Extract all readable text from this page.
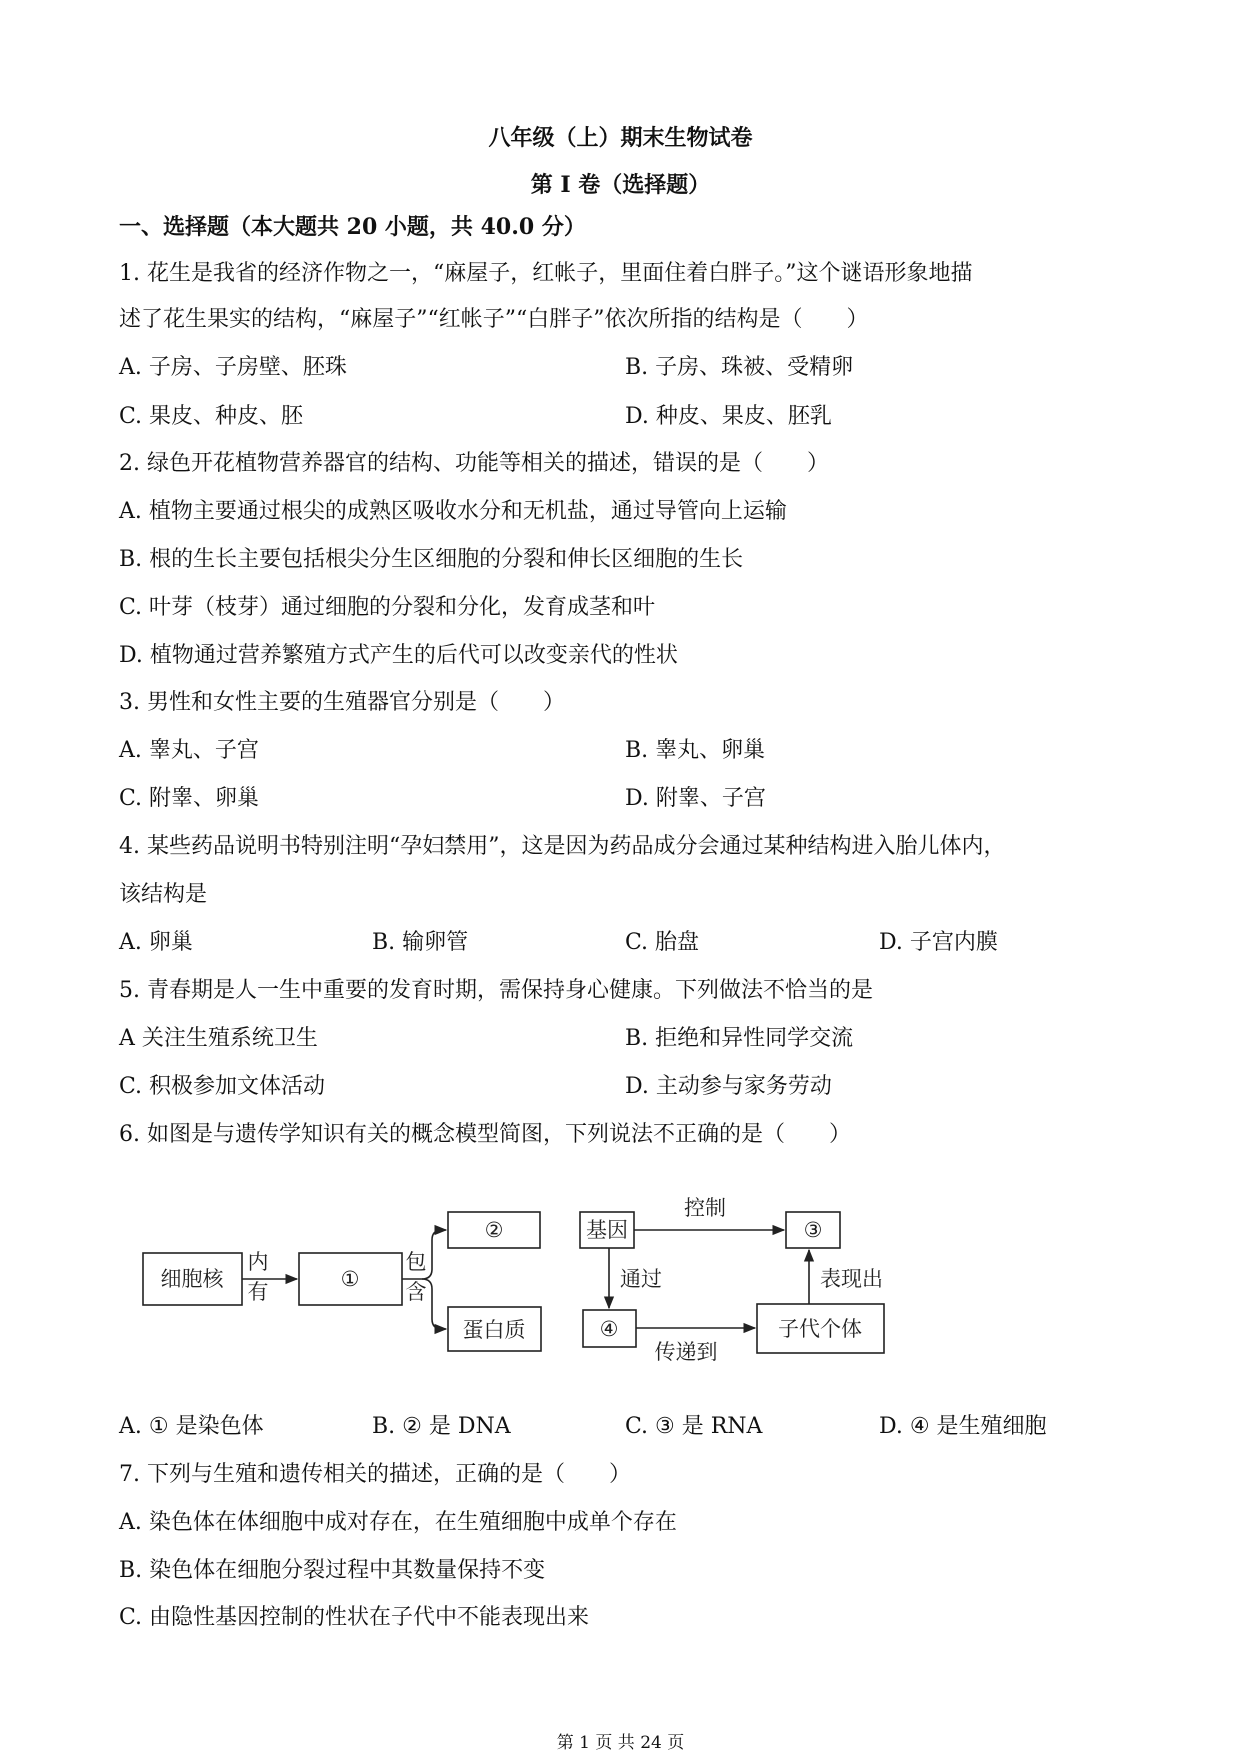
八年级（上）期末生物试卷
第 I 卷（选择题）
一、选择题（本大题共 20 小题，共 40.0 分）
1. 花生是我省的经济作物之一，“麻屋子，红帐子，里面住着白胖子。”这个谜语形象地描
述了花生果实的结构，“麻屋子”“红帐子”“白胖子”依次所指的结构是（　　）
A. 子房、子房壁、胚珠	B. 子房、珠被、受精卵
C. 果皮、种皮、胚	D. 种皮、果皮、胚乳
2. 绿色开花植物营养器官的结构、功能等相关的描述，错误的是（　　）
A. 植物主要通过根尖的成熟区吸收水分和无机盐，通过导管向上运输
B. 根的生长主要包括根尖分生区细胞的分裂和伸长区细胞的生长
C. 叶芽（枝芽）通过细胞的分裂和分化，发育成茎和叶
D. 植物通过营养繁殖方式产生的后代可以改变亲代的性状
3. 男性和女性主要的生殖器官分别是（　　）
A. 睾丸、子宫	B. 睾丸、卵巢
C. 附睾、卵巢	D. 附睾、子宫
4. 某些药品说明书特别注明“孕妇禁用”，这是因为药品成分会通过某种结构进入胎儿体内，
该结构是
A. 卵巢	B. 输卵管	C. 胎盘	D. 子宫内膜
5. 青春期是人一生中重要的发育时期，需保持身心健康。下列做法不恰当的是
A 关注生殖系统卫生	B. 拒绝和异性同学交流
C. 积极参加文体活动	D. 主动参与家务劳动
6. 如图是与遗传学知识有关的概念模型简图，下列说法不正确的是（　　）
细胞核
内
有
①
包
含
②
蛋白质
基因
控制
③
通过
④
传递到
子代个体
表现出
A. ① 是染色体	B. ② 是 DNA	C. ③ 是 RNA	D. ④ 是生殖细胞
7. 下列与生殖和遗传相关的描述，正确的是（　　）
A. 染色体在体细胞中成对存在，在生殖细胞中成单个存在
B. 染色体在细胞分裂过程中其数量保持不变
C. 由隐性基因控制的性状在子代中不能表现出来
第 1 页 共 24 页
